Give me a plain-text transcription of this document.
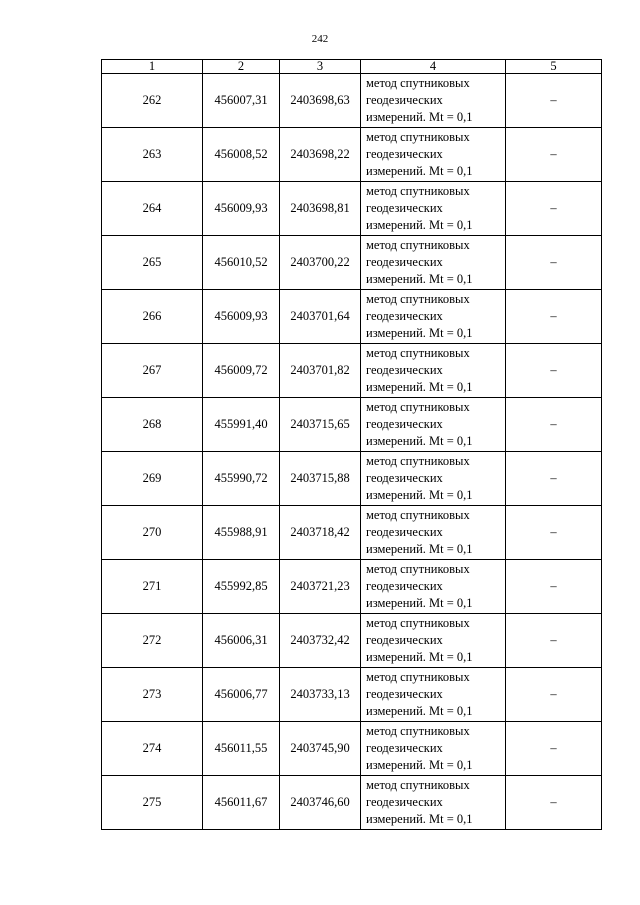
242
1	2	3	4	5
262	456007,31	2403698,63	метод спутниковых
геодезических
измерений. Mt = 0,1	–
263	456008,52	2403698,22	метод спутниковых
геодезических
измерений. Mt = 0,1	–
264	456009,93	2403698,81	метод спутниковых
геодезических
измерений. Mt = 0,1	–
265	456010,52	2403700,22	метод спутниковых
геодезических
измерений. Mt = 0,1	–
266	456009,93	2403701,64	метод спутниковых
геодезических
измерений. Mt = 0,1	–
267	456009,72	2403701,82	метод спутниковых
геодезических
измерений. Mt = 0,1	–
268	455991,40	2403715,65	метод спутниковых
геодезических
измерений. Mt = 0,1	–
269	455990,72	2403715,88	метод спутниковых
геодезических
измерений. Mt = 0,1	–
270	455988,91	2403718,42	метод спутниковых
геодезических
измерений. Mt = 0,1	–
271	455992,85	2403721,23	метод спутниковых
геодезических
измерений. Mt = 0,1	–
272	456006,31	2403732,42	метод спутниковых
геодезических
измерений. Mt = 0,1	–
273	456006,77	2403733,13	метод спутниковых
геодезических
измерений. Mt = 0,1	–
274	456011,55	2403745,90	метод спутниковых
геодезических
измерений. Mt = 0,1	–
275	456011,67	2403746,60	метод спутниковых
геодезических
измерений. Mt = 0,1	–
